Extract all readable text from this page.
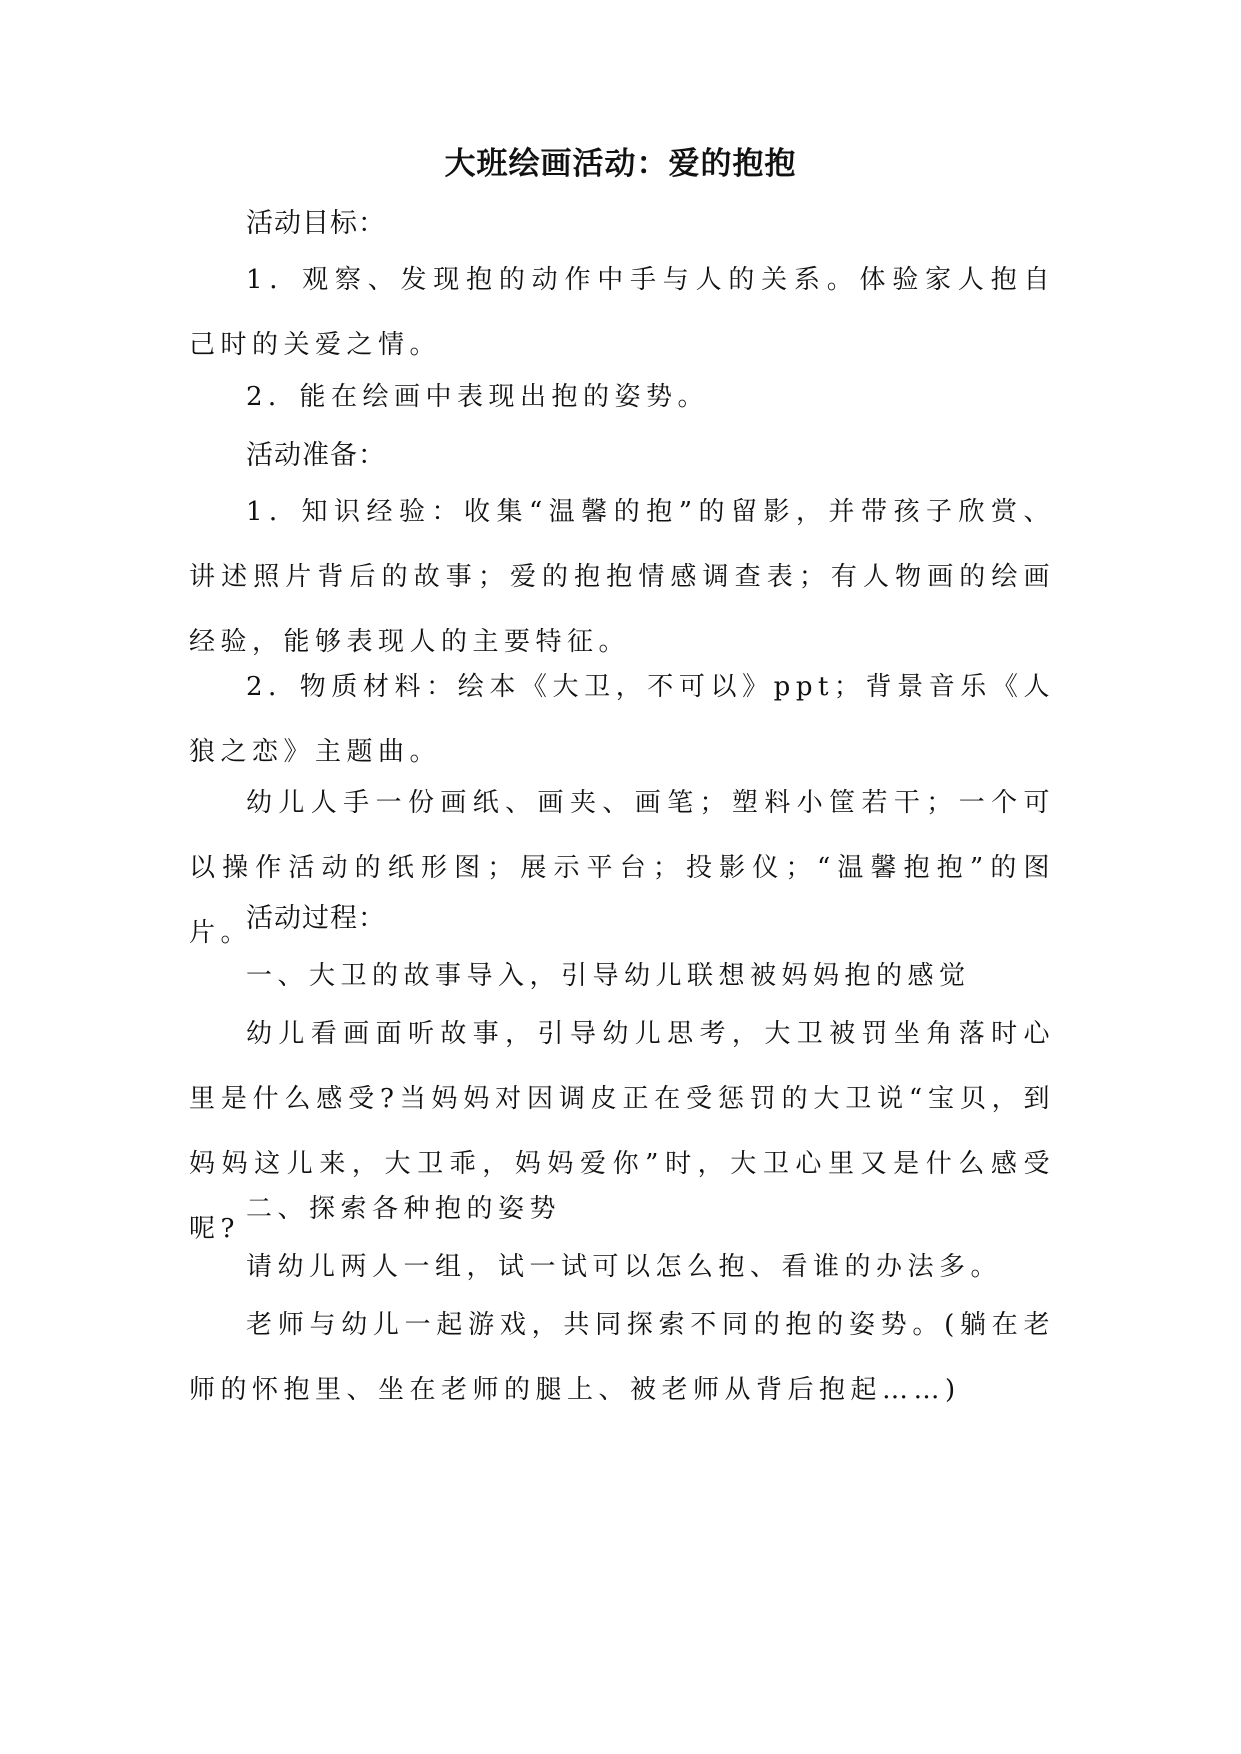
大班绘画活动：爱的抱抱
活动目标：
1．观察、发现抱的动作中手与人的关系。体验家人抱自己时的关爱之情。
2．能在绘画中表现出抱的姿势。
活动准备：
1．知识经验：收集“温馨的抱”的留影，并带孩子欣赏、讲述照片背后的故事；爱的抱抱情感调查表；有人物画的绘画经验，能够表现人的主要特征。
2．物质材料：绘本《大卫，不可以》ppt；背景音乐《人狼之恋》主题曲。
幼儿人手一份画纸、画夹、画笔；塑料小筐若干；一个可以操作活动的纸形图；展示平台；投影仪；“温馨抱抱”的图片。
活动过程：
一、大卫的故事导入，引导幼儿联想被妈妈抱的感觉
幼儿看画面听故事，引导幼儿思考，大卫被罚坐角落时心里是什么感受?当妈妈对因调皮正在受惩罚的大卫说“宝贝，到妈妈这儿来，大卫乖，妈妈爱你”时，大卫心里又是什么感受呢?
二、探索各种抱的姿势
请幼儿两人一组，试一试可以怎么抱、看谁的办法多。
老师与幼儿一起游戏，共同探索不同的抱的姿势。(躺在老师的怀抱里、坐在老师的腿上、被老师从背后抱起……)
